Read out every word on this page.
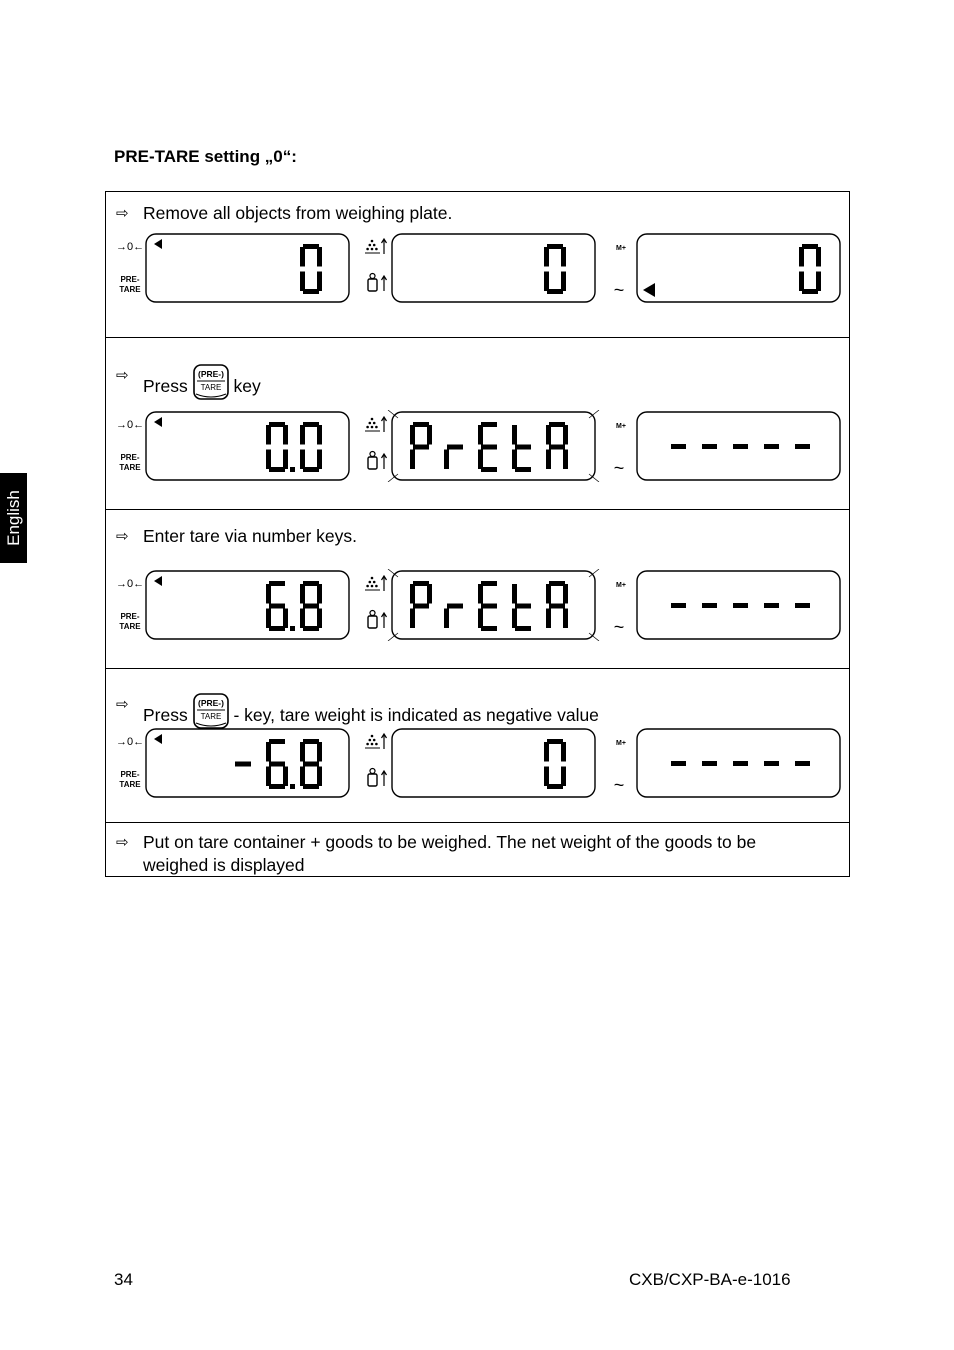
English
PRE-TARE setting „0“:
⇨ Remove all objects from weighing plate.
→0←
PRE-
TARE
M+
~
⇨
Press
(PRE-)
TARE key
→0←
PRE-
TARE
M+
~
⇨ Enter tare via number keys.
→0←
PRE-
TARE
M+
~
⇨
Press
(PRE-)
TARE - key, tare weight is indicated as negative value
→0←
PRE-
TARE
M+
~
⇨ Put on tare container + goods to be weighed. The net weight of the goods to be
weighed is displayed
34	CXB/CXP-BA-e-1016
